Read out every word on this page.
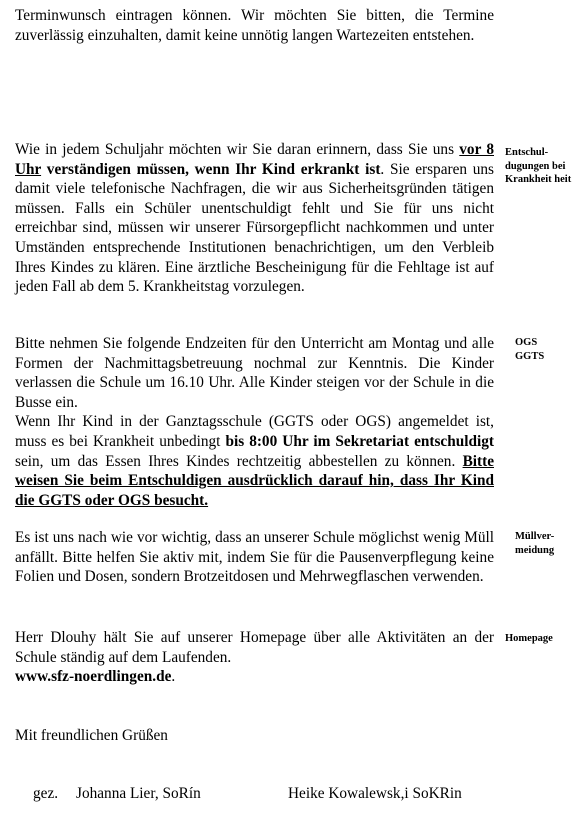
Terminwunsch eintragen können. Wir möchten Sie bitten, die Termine zuverlässig einzuhalten, damit keine unnötig langen Wartezeiten entstehen.

Wie in jedem Schuljahr möchten wir Sie daran erinnern, dass Sie uns vor 8 Uhr verständigen müssen, wenn Ihr Kind erkrankt ist. Sie ersparen uns damit viele telefonische Nachfragen, die wir aus Sicherheitsgründen tätigen müssen. Falls ein Schüler unentschuldigt fehlt und Sie für uns nicht erreichbar sind, müssen wir unserer Fürsorgepflicht nachkommen und unter Umständen entsprechende Institutionen benachrichtigen, um den Verbleib Ihres Kindes zu klären. Eine ärztliche Bescheinigung für die Fehltage ist auf jeden Fall ab dem 5. Krankheitstag vorzulegen.

Entschul-dugungen bei Krankheit heit
Bitte nehmen Sie folgende Endzeiten für den Unterricht am Montag und alle Formen der Nachmittagsbetreuung nochmal zur Kenntnis. Die Kinder verlassen die Schule um 16.10 Uhr. Alle Kinder steigen vor der Schule in die Busse ein.
Wenn Ihr Kind in der Ganztagsschule (GGTS oder OGS) angemeldet ist, muss es bei Krankheit unbedingt bis 8:00 Uhr im Sekretariat entschuldigt sein, um das Essen Ihres Kindes rechtzeitig abbestellen zu können. Bitte weisen Sie beim Entschuldigen ausdrücklich darauf hin, dass Ihr Kind die GGTS oder OGS besucht.
OGS GGTS

Es ist uns nach wie vor wichtig, dass an unserer Schule möglichst wenig Müll anfällt. Bitte helfen Sie aktiv mit, indem Sie für die Pausenverpflegung keine Folien und Dosen, sondern Brotzeitdosen und Mehrwegflaschen verwenden.

Müllver-meidung
Herr Dlouhy hält Sie auf unserer Homepage über alle Aktivitäten an der Schule ständig auf dem Laufenden.
www.sfz-noerdlingen.de.
Homepage

Mit freundlichen Grüßen

gez. Johanna Lier, SoRín	Heike Kowalewsk,i SoKRin
